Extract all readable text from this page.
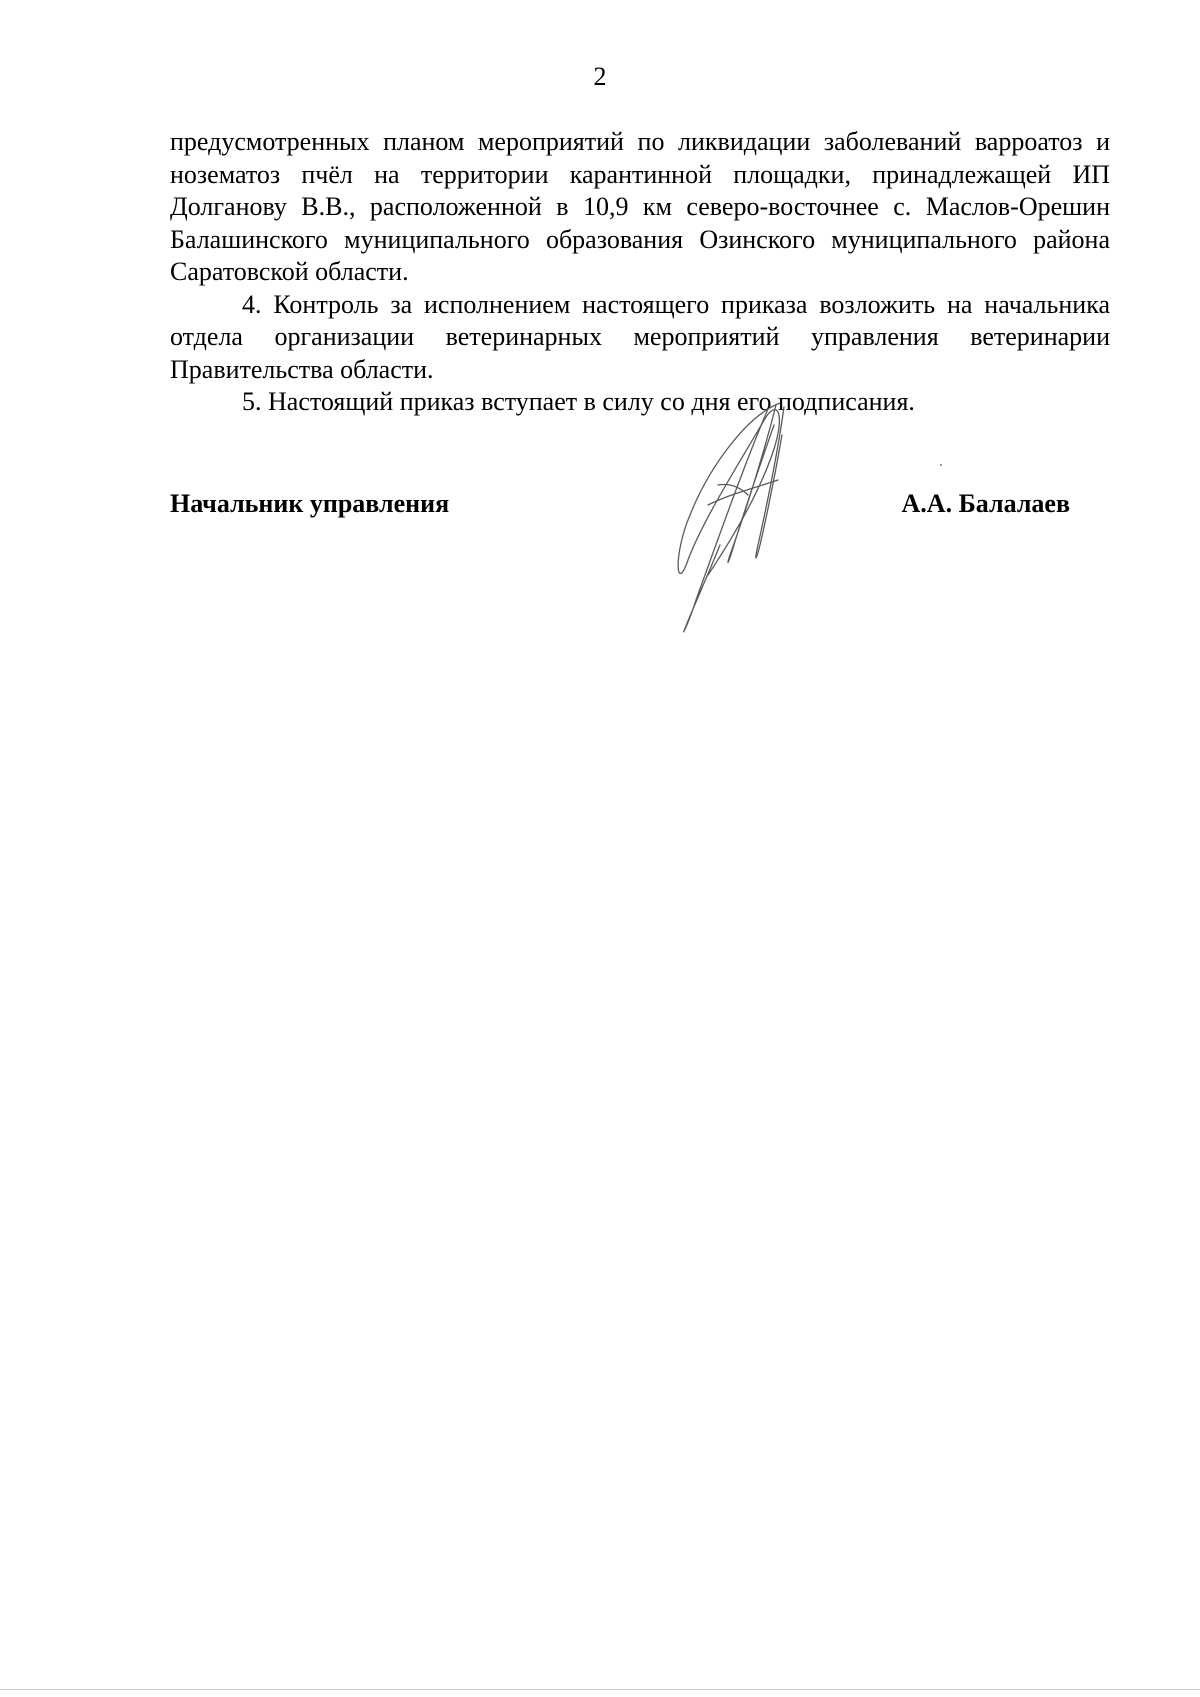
2

предусмотренных планом мероприятий по ликвидации заболеваний варроатоз и нозематоз пчёл на территории карантинной площадки, принадлежащей ИП Долганову В.В., расположенной в 10,9 км северо-восточнее с. Маслов-Орешин Балашинского муниципального образования Озинского муниципального района Саратовской области.

4. Контроль за исполнением настоящего приказа возложить на начальника отдела организации ветеринарных мероприятий управления ветеринарии Правительства области.

5. Настоящий приказ вступает в силу со дня его подписания.

Начальник управления	А.А. Балалаев
